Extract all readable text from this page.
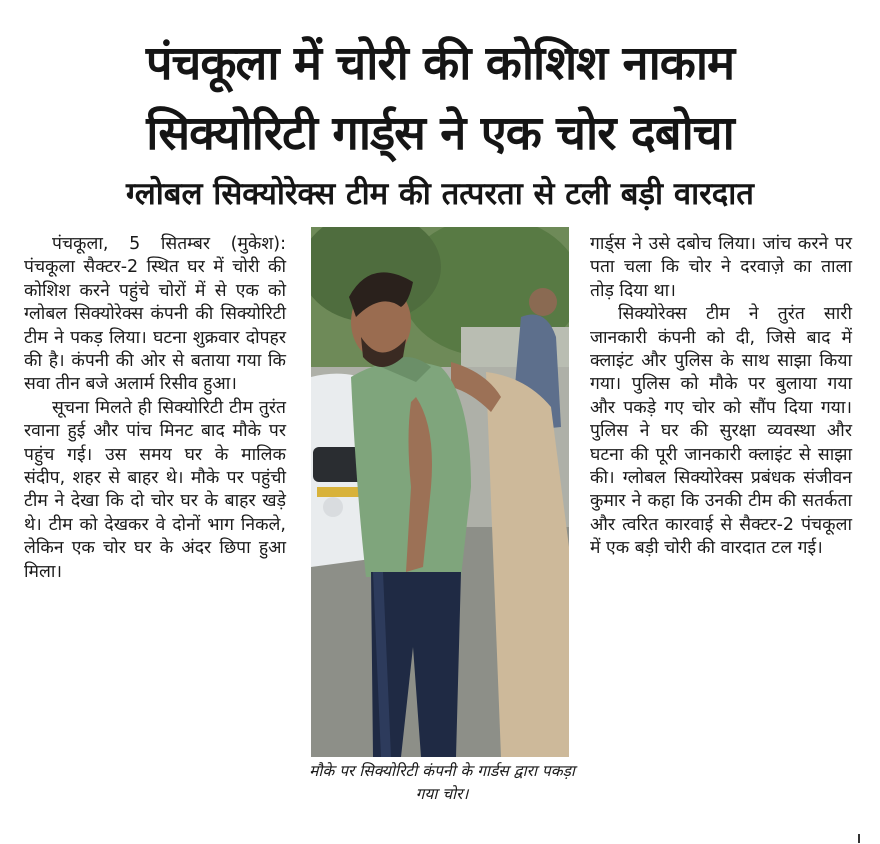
पंचकूला में चोरी की कोशिश नाकाम
सिक्योरिटी गार्ड्स ने एक चोर दबोचा
ग्लोबल सिक्योरेक्स टीम की तत्परता से टली बड़ी वारदात

पंचकूला, 5 सितम्बर (मुकेश): पंचकूला सैक्टर-2 स्थित घर में चोरी की कोशिश करने पहुंचे चोरों में से एक को ग्लोबल सिक्योरेक्स कंपनी की सिक्योरिटी टीम ने पकड़ लिया। घटना शुक्रवार दोपहर की है। कंपनी की ओर से बताया गया कि सवा तीन बजे अलार्म रिसीव हुआ।

सूचना मिलते ही सिक्योरिटी टीम तुरंत रवाना हुई और पांच मिनट बाद मौके पर पहुंच गई। उस समय घर के मालिक संदीप, शहर से बाहर थे। मौके पर पहुंची टीम ने देखा कि दो चोर घर के बाहर खड़े थे। टीम को देखकर वे दोनों भाग निकले, लेकिन एक चोर घर के अंदर छिपा हुआ मिला।

मौके पर सिक्योरिटी कंपनी के गार्डस द्वारा पकड़ा गया चोर।

गार्ड्स ने उसे दबोच लिया। जांच करने पर पता चला कि चोर ने दरवाज़े का ताला तोड़ दिया था।

सिक्योरेक्स टीम ने तुरंत सारी जानकारी कंपनी को दी, जिसे बाद में क्लाइंट और पुलिस के साथ साझा किया गया। पुलिस को मौके पर बुलाया गया और पकड़े गए चोर को सौंप दिया गया। पुलिस ने घर की सुरक्षा व्यवस्था और घटना की पूरी जानकारी क्लाइंट से साझा की। ग्लोबल सिक्योरेक्स प्रबंधक संजीवन कुमार ने कहा कि उनकी टीम की सतर्कता और त्वरित कारवाई से सैक्टर-2 पंचकूला में एक बड़ी चोरी की वारदात टल गई।
